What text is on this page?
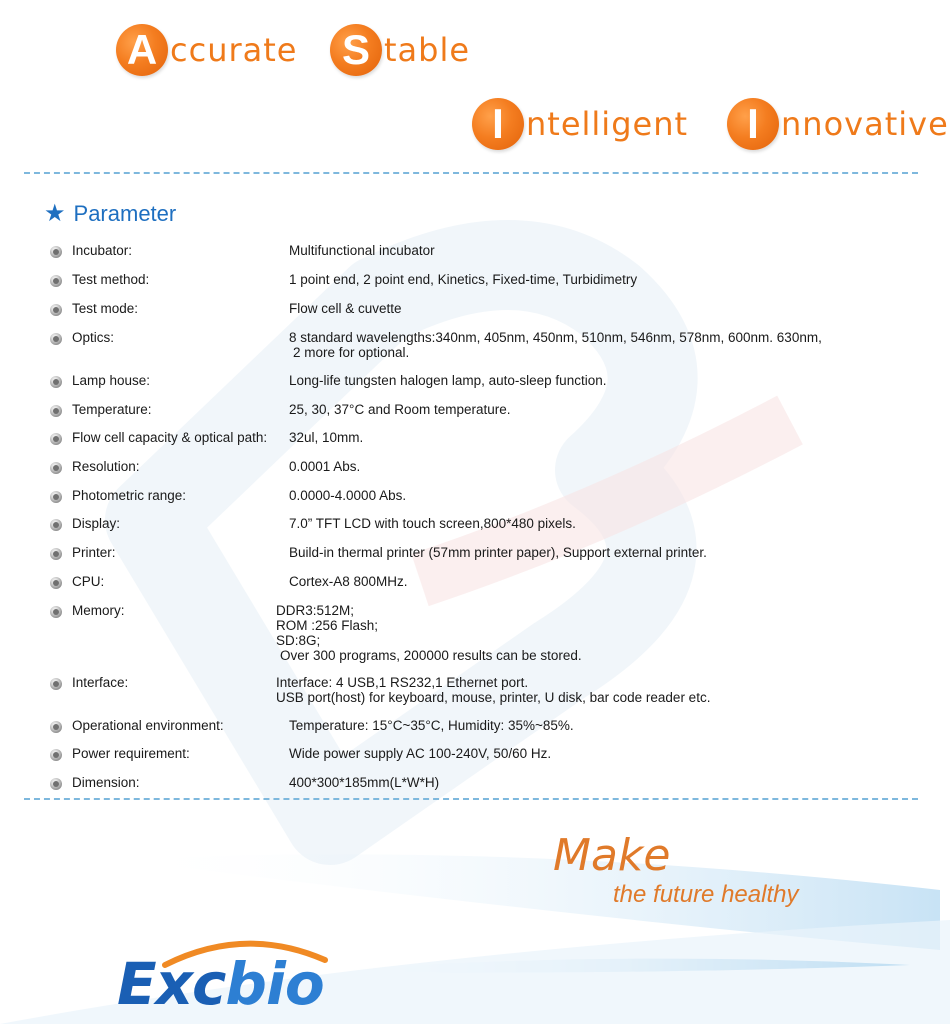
A ccurate S table
I ntelligent	I nnovative
★ Parameter
Incubator:	Multifunctional incubator
Test method:	1 point end, 2 point end, Kinetics, Fixed-time, Turbidimetry
Test mode:	Flow cell & cuvette
Optics:	8 standard wavelengths:340nm, 405nm, 450nm, 510nm, 546nm, 578nm, 600nm. 630nm,
2 more for optional.
Lamp house:	Long-life tungsten halogen lamp, auto-sleep function.
Temperature:	25, 30, 37°C and Room temperature.
Flow cell capacity & optical path: 32ul, 10mm.
Resolution:	0.0001 Abs.
Photometric range:	0.0000-4.0000 Abs.
Display:	7.0” TFT LCD with touch screen,800*480 pixels.
Printer:	Build-in thermal printer (57mm printer paper), Support external printer.
CPU:	Cortex-A8 800MHz.
Memory:	DDR3:512M;
ROM :256 Flash;
SD:8G;
Over 300 programs, 200000 results can be stored.
Interface:	Interface: 4 USB,1 RS232,1 Ethernet port.
USB port(host) for keyboard, mouse, printer, U disk, bar code reader etc.
Operational environment:	Temperature: 15°C~35°C, Humidity: 35%~85%.
Power requirement:	Wide power supply AC 100-240V, 50/60 Hz.
Dimension:	400*300*185mm(L*W*H)
Make
the future healthy
Excbio
